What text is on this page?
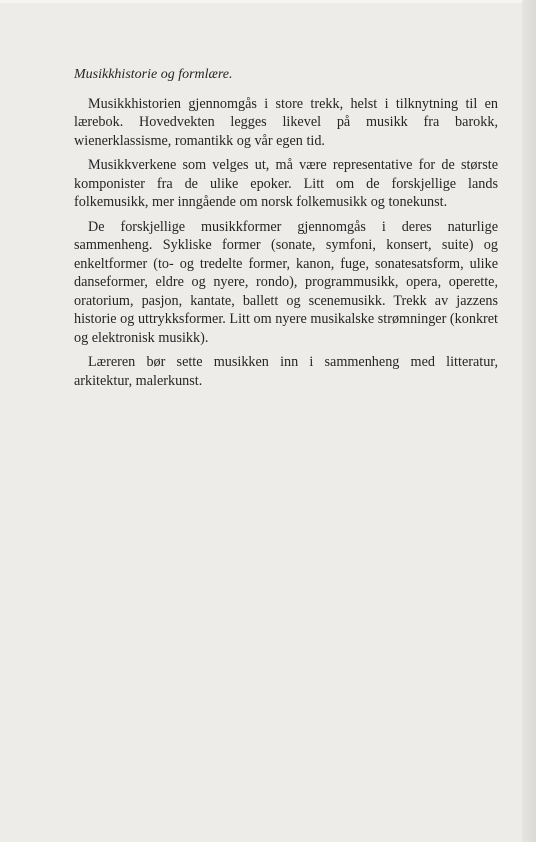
Musikkhistorie og formlære.

Musikkhistorien gjennomgås i store trekk, helst i tilknytning til en lærebok. Hovedvekten legges likevel på musikk fra barokk, wienerklassisme, romantikk og vår egen tid.

Musikkverkene som velges ut, må være representative for de største komponister fra de ulike epoker. Litt om de forskjellige lands folkemusikk, mer inngående om norsk folkemusikk og tonekunst.

De forskjellige musikkformer gjennomgås i deres naturlige sammenheng. Sykliske former (sonate, symfoni, konsert, suite) og enkeltformer (to- og tredelte former, kanon, fuge, sonatesatsform, ulike danseformer, eldre og nyere, rondo), programmusikk, opera, operette, oratorium, pasjon, kantate, ballett og scenemusikk. Trekk av jazzens historie og uttrykksformer. Litt om nyere musikalske strømninger (konkret og elektronisk musikk).

Læreren bør sette musikken inn i sammenheng med litteratur, arkitektur, malerkunst.
